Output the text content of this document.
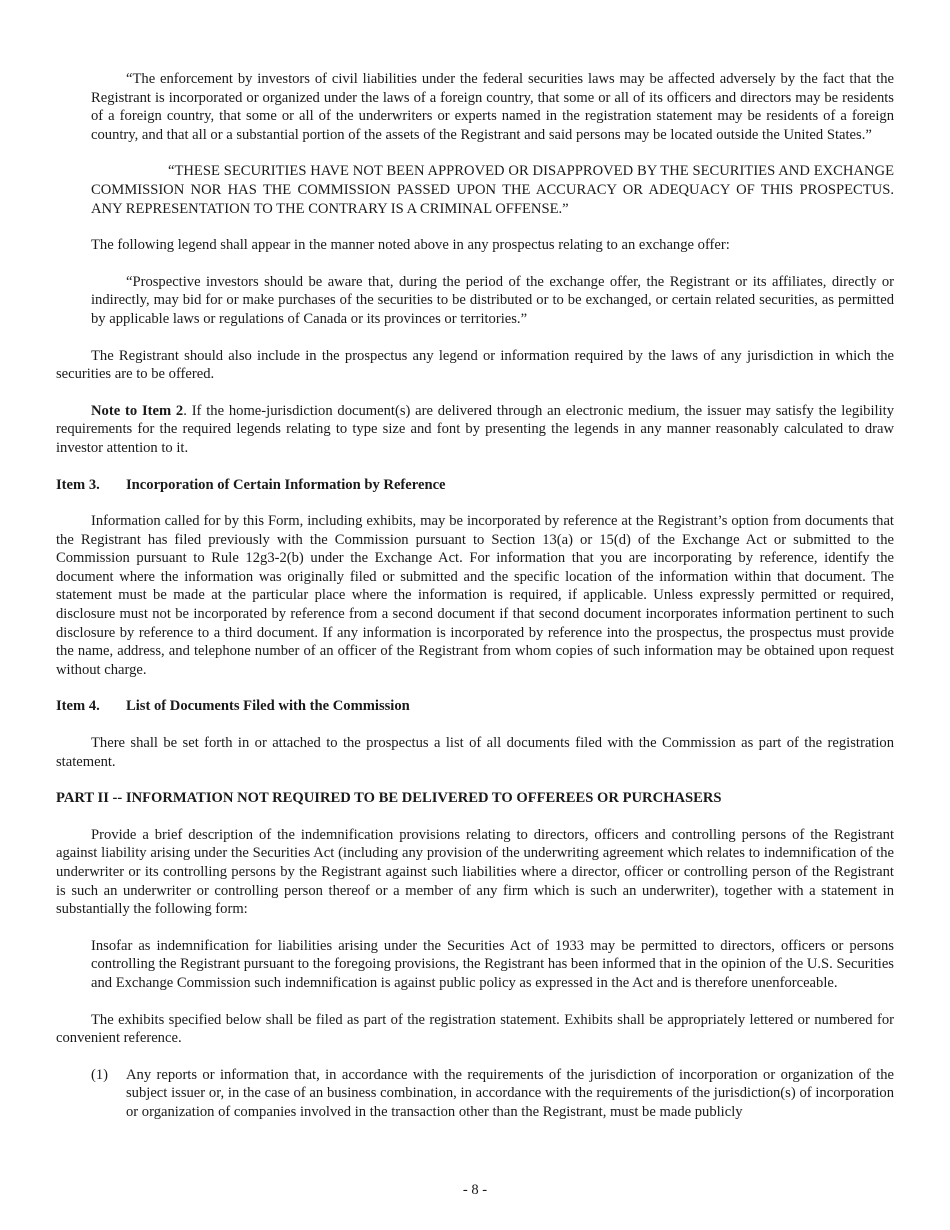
“The enforcement by investors of civil liabilities under the federal securities laws may be affected adversely by the fact that the Registrant is incorporated or organized under the laws of a foreign country, that some or all of its officers and directors may be residents of a foreign country, that some or all of the underwriters or experts named in the registration statement may be residents of a foreign country, and that all or a substantial portion of the assets of the Registrant and said persons may be located outside the United States.”

“THESE SECURITIES HAVE NOT BEEN APPROVED OR DISAPPROVED BY THE SECURITIES AND EXCHANGE COMMISSION NOR HAS THE COMMISSION PASSED UPON THE ACCURACY OR ADEQUACY OF THIS PROSPECTUS. ANY REPRESENTATION TO THE CONTRARY IS A CRIMINAL OFFENSE.”

The following legend shall appear in the manner noted above in any prospectus relating to an exchange offer:

“Prospective investors should be aware that, during the period of the exchange offer, the Registrant or its affiliates, directly or indirectly, may bid for or make purchases of the securities to be distributed or to be exchanged, or certain related securities, as permitted by applicable laws or regulations of Canada or its provinces or territories.”

The Registrant should also include in the prospectus any legend or information required by the laws of any jurisdiction in which the securities are to be offered.

Note to Item 2. If the home-jurisdiction document(s) are delivered through an electronic medium, the issuer may satisfy the legibility requirements for the required legends relating to type size and font by presenting the legends in any manner reasonably calculated to draw investor attention to it.

Item 3. Incorporation of Certain Information by Reference

Information called for by this Form, including exhibits, may be incorporated by reference at the Registrant’s option from documents that the Registrant has filed previously with the Commission pursuant to Section 13(a) or 15(d) of the Exchange Act or submitted to the Commission pursuant to Rule 12g3-2(b) under the Exchange Act. For information that you are incorporating by reference, identify the document where the information was originally filed or submitted and the specific location of the information within that document. The statement must be made at the particular place where the information is required, if applicable. Unless expressly permitted or required, disclosure must not be incorporated by reference from a second document if that second document incorporates information pertinent to such disclosure by reference to a third document. If any information is incorporated by reference into the prospectus, the prospectus must provide the name, address, and telephone number of an officer of the Registrant from whom copies of such information may be obtained upon request without charge.

Item 4. List of Documents Filed with the Commission

There shall be set forth in or attached to the prospectus a list of all documents filed with the Commission as part of the registration statement.

PART II -- INFORMATION NOT REQUIRED TO BE DELIVERED TO OFFEREES OR PURCHASERS

Provide a brief description of the indemnification provisions relating to directors, officers and controlling persons of the Registrant against liability arising under the Securities Act (including any provision of the underwriting agreement which relates to indemnification of the underwriter or its controlling persons by the Registrant against such liabilities where a director, officer or controlling person of the Registrant is such an underwriter or controlling person thereof or a member of any firm which is such an underwriter), together with a statement in substantially the following form:

Insofar as indemnification for liabilities arising under the Securities Act of 1933 may be permitted to directors, officers or persons controlling the Registrant pursuant to the foregoing provisions, the Registrant has been informed that in the opinion of the U.S. Securities and Exchange Commission such indemnification is against public policy as expressed in the Act and is therefore unenforceable.

The exhibits specified below shall be filed as part of the registration statement. Exhibits shall be appropriately lettered or numbered for convenient reference.

(1)	Any reports or information that, in accordance with the requirements of the jurisdiction of incorporation or organization of the subject issuer or, in the case of an business combination, in accordance with the requirements of the jurisdiction(s) of incorporation or organization of companies involved in the transaction other than the Registrant, must be made publicly

- 8 -
